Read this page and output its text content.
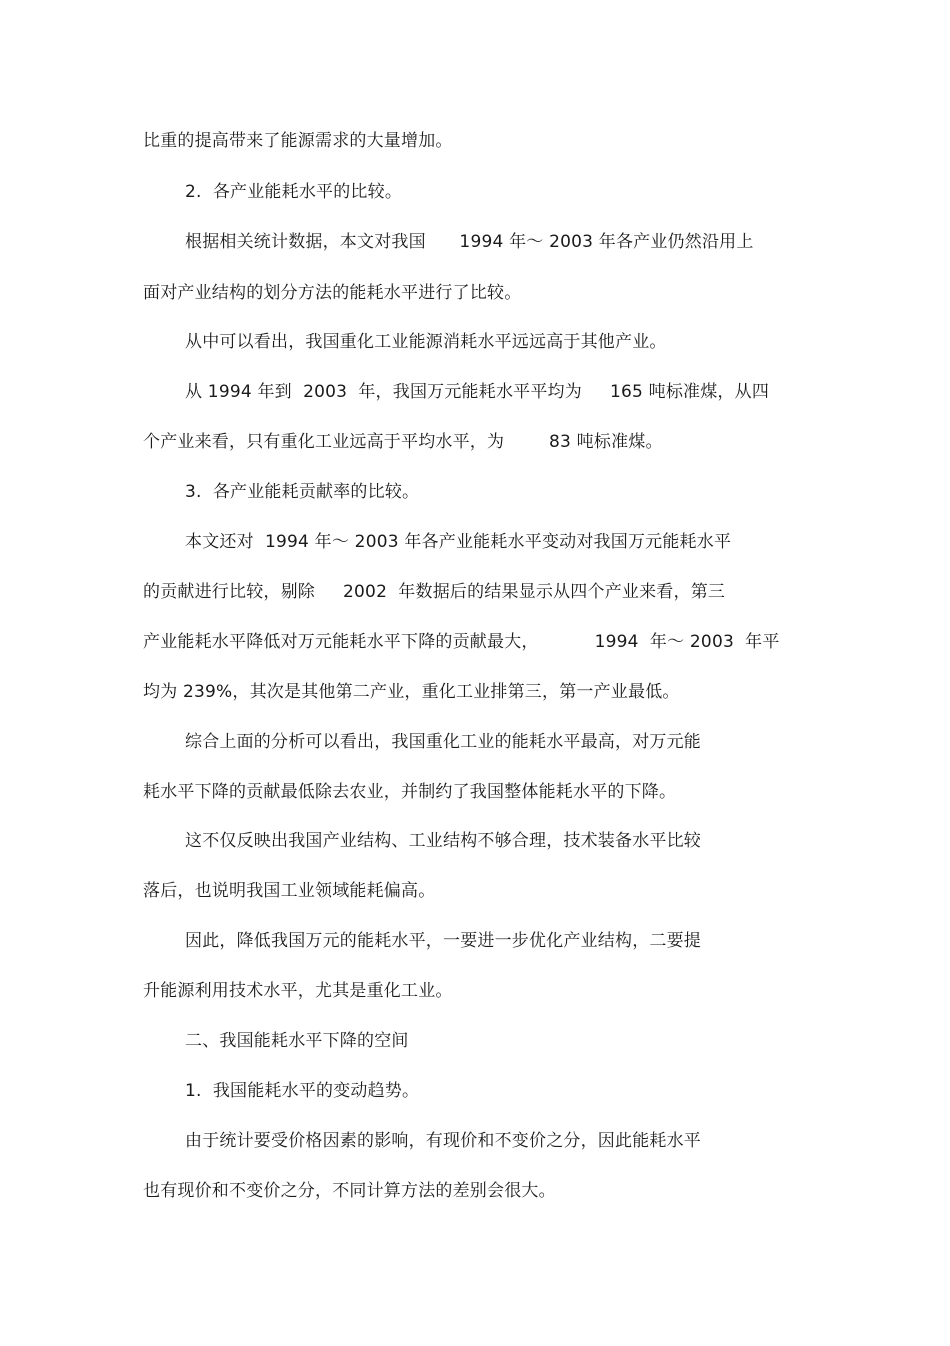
比重的提高带来了能源需求的大量增加。
2.  各产业能耗水平的比较。
根据相关统计数据，本文对我国      1994 年～ 2003 年各产业仍然沿用上
面对产业结构的划分方法的能耗水平进行了比较。
从中可以看出，我国重化工业能源消耗水平远远高于其他产业。
从 1994 年到  2003  年，我国万元能耗水平平均为     165 吨标准煤，从四
个产业来看，只有重化工业远高于平均水平，为        83 吨标准煤。
3.  各产业能耗贡献率的比较。
本文还对  1994 年～ 2003 年各产业能耗水平变动对我国万元能耗水平
的贡献进行比较，剔除     2002  年数据后的结果显示从四个产业来看，第三
产业能耗水平降低对万元能耗水平下降的贡献最大，          1994  年～ 2003  年平
均为 239%，其次是其他第二产业，重化工业排第三，第一产业最低。
综合上面的分析可以看出，我国重化工业的能耗水平最高，对万元能
耗水平下降的贡献最低除去农业，并制约了我国整体能耗水平的下降。
这不仅反映出我国产业结构、工业结构不够合理，技术装备水平比较
落后，也说明我国工业领域能耗偏高。
因此，降低我国万元的能耗水平，一要进一步优化产业结构，二要提
升能源利用技术水平，尤其是重化工业。
二、我国能耗水平下降的空间
1.  我国能耗水平的变动趋势。
由于统计要受价格因素的影响，有现价和不变价之分，因此能耗水平
也有现价和不变价之分，不同计算方法的差别会很大。
